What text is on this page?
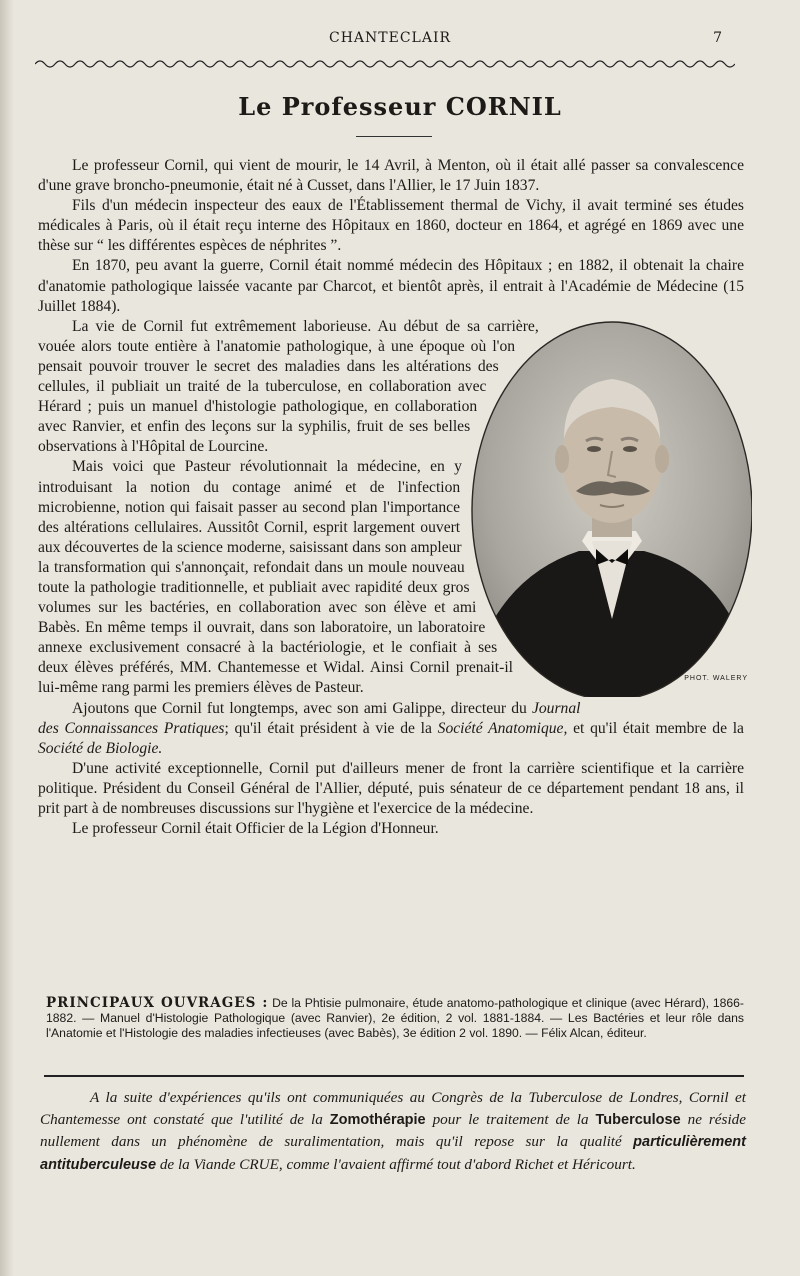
CHANTECLAIR	7
Le Professeur CORNIL

Le professeur Cornil, qui vient de mourir, le 14 Avril, à Menton, où il était allé passer sa convalescence d'une grave broncho-pneumonie, était né à Cusset, dans l'Allier, le 17 Juin 1837.

Fils d'un médecin inspecteur des eaux de l'Établissement thermal de Vichy, il avait terminé ses études médicales à Paris, où il était reçu interne des Hôpitaux en 1860, docteur en 1864, et agrégé en 1869 avec une thèse sur “ les différentes espèces de néphrites ”.

En 1870, peu avant la guerre, Cornil était nommé médecin des Hôpitaux ; en 1882, il obtenait la chaire d'anatomie pathologique laissée vacante par Charcot, et bientôt après, il entrait à l'Académie de Médecine (15 Juillet 1884).

PHOT. WALERY

La vie de Cornil fut extrêmement laborieuse. Au début de sa carrière, vouée alors toute entière à l'anatomie pathologique, à une époque où l'on pensait pouvoir trouver le secret des maladies dans les altérations des cellules, il publiait un traité de la tuberculose, en collaboration avec Hérard ; puis un manuel d'histologie pathologique, en collaboration avec Ranvier, et enfin des leçons sur la syphilis, fruit de ses belles observations à l'Hôpital de Lourcine.

Mais voici que Pasteur révolutionnait la médecine, en y introduisant la notion du contage animé et de l'infection microbienne, notion qui faisait passer au second plan l'importance des altérations cellulaires. Aussitôt Cornil, esprit largement ouvert aux découvertes de la science moderne, saisissant dans son ampleur la transformation qui s'annonçait, refondait dans un moule nouveau toute la pathologie traditionnelle, et publiait avec rapidité deux gros volumes sur les bactéries, en collaboration avec son élève et ami Babès. En même temps il ouvrait, dans son laboratoire, un laboratoire annexe exclusivement consacré à la bactériologie, et le confiait à ses deux élèves préférés, MM. Chantemesse et Widal. Ainsi Cornil prenait-il lui-même rang parmi les premiers élèves de Pasteur.

Ajoutons que Cornil fut longtemps, avec son ami Galippe, directeur du Journal des Connaissances Pratiques; qu'il était président à vie de la Société Anatomique, et qu'il était membre de la Société de Biologie.

D'une activité exceptionnelle, Cornil put d'ailleurs mener de front la carrière scientifique et la carrière politique. Président du Conseil Général de l'Allier, député, puis sénateur de ce département pendant 18 ans, il prit part à de nombreuses discussions sur l'hygiène et l'exercice de la médecine.

Le professeur Cornil était Officier de la Légion d'Honneur.

PRINCIPAUX OUVRAGES : De la Phtisie pulmonaire, étude anatomo-pathologique et clinique (avec Hérard), 1866-1882. — Manuel d'Histologie Pathologique (avec Ranvier), 2e édition, 2 vol. 1881-1884. — Les Bactéries et leur rôle dans l'Anatomie et l'Histologie des maladies infectieuses (avec Babès), 3e édition 2 vol. 1890. — Félix Alcan, éditeur.

A la suite d'expériences qu'ils ont communiquées au Congrès de la Tuberculose de Londres, Cornil et Chantemesse ont constaté que l'utilité de la Zomothérapie pour le traitement de la Tuberculose ne réside nullement dans un phénomène de suralimentation, mais qu'il repose sur la qualité particulièrement antituberculeuse de la Viande CRUE, comme l'avaient affirmé tout d'abord Richet et Héricourt.
